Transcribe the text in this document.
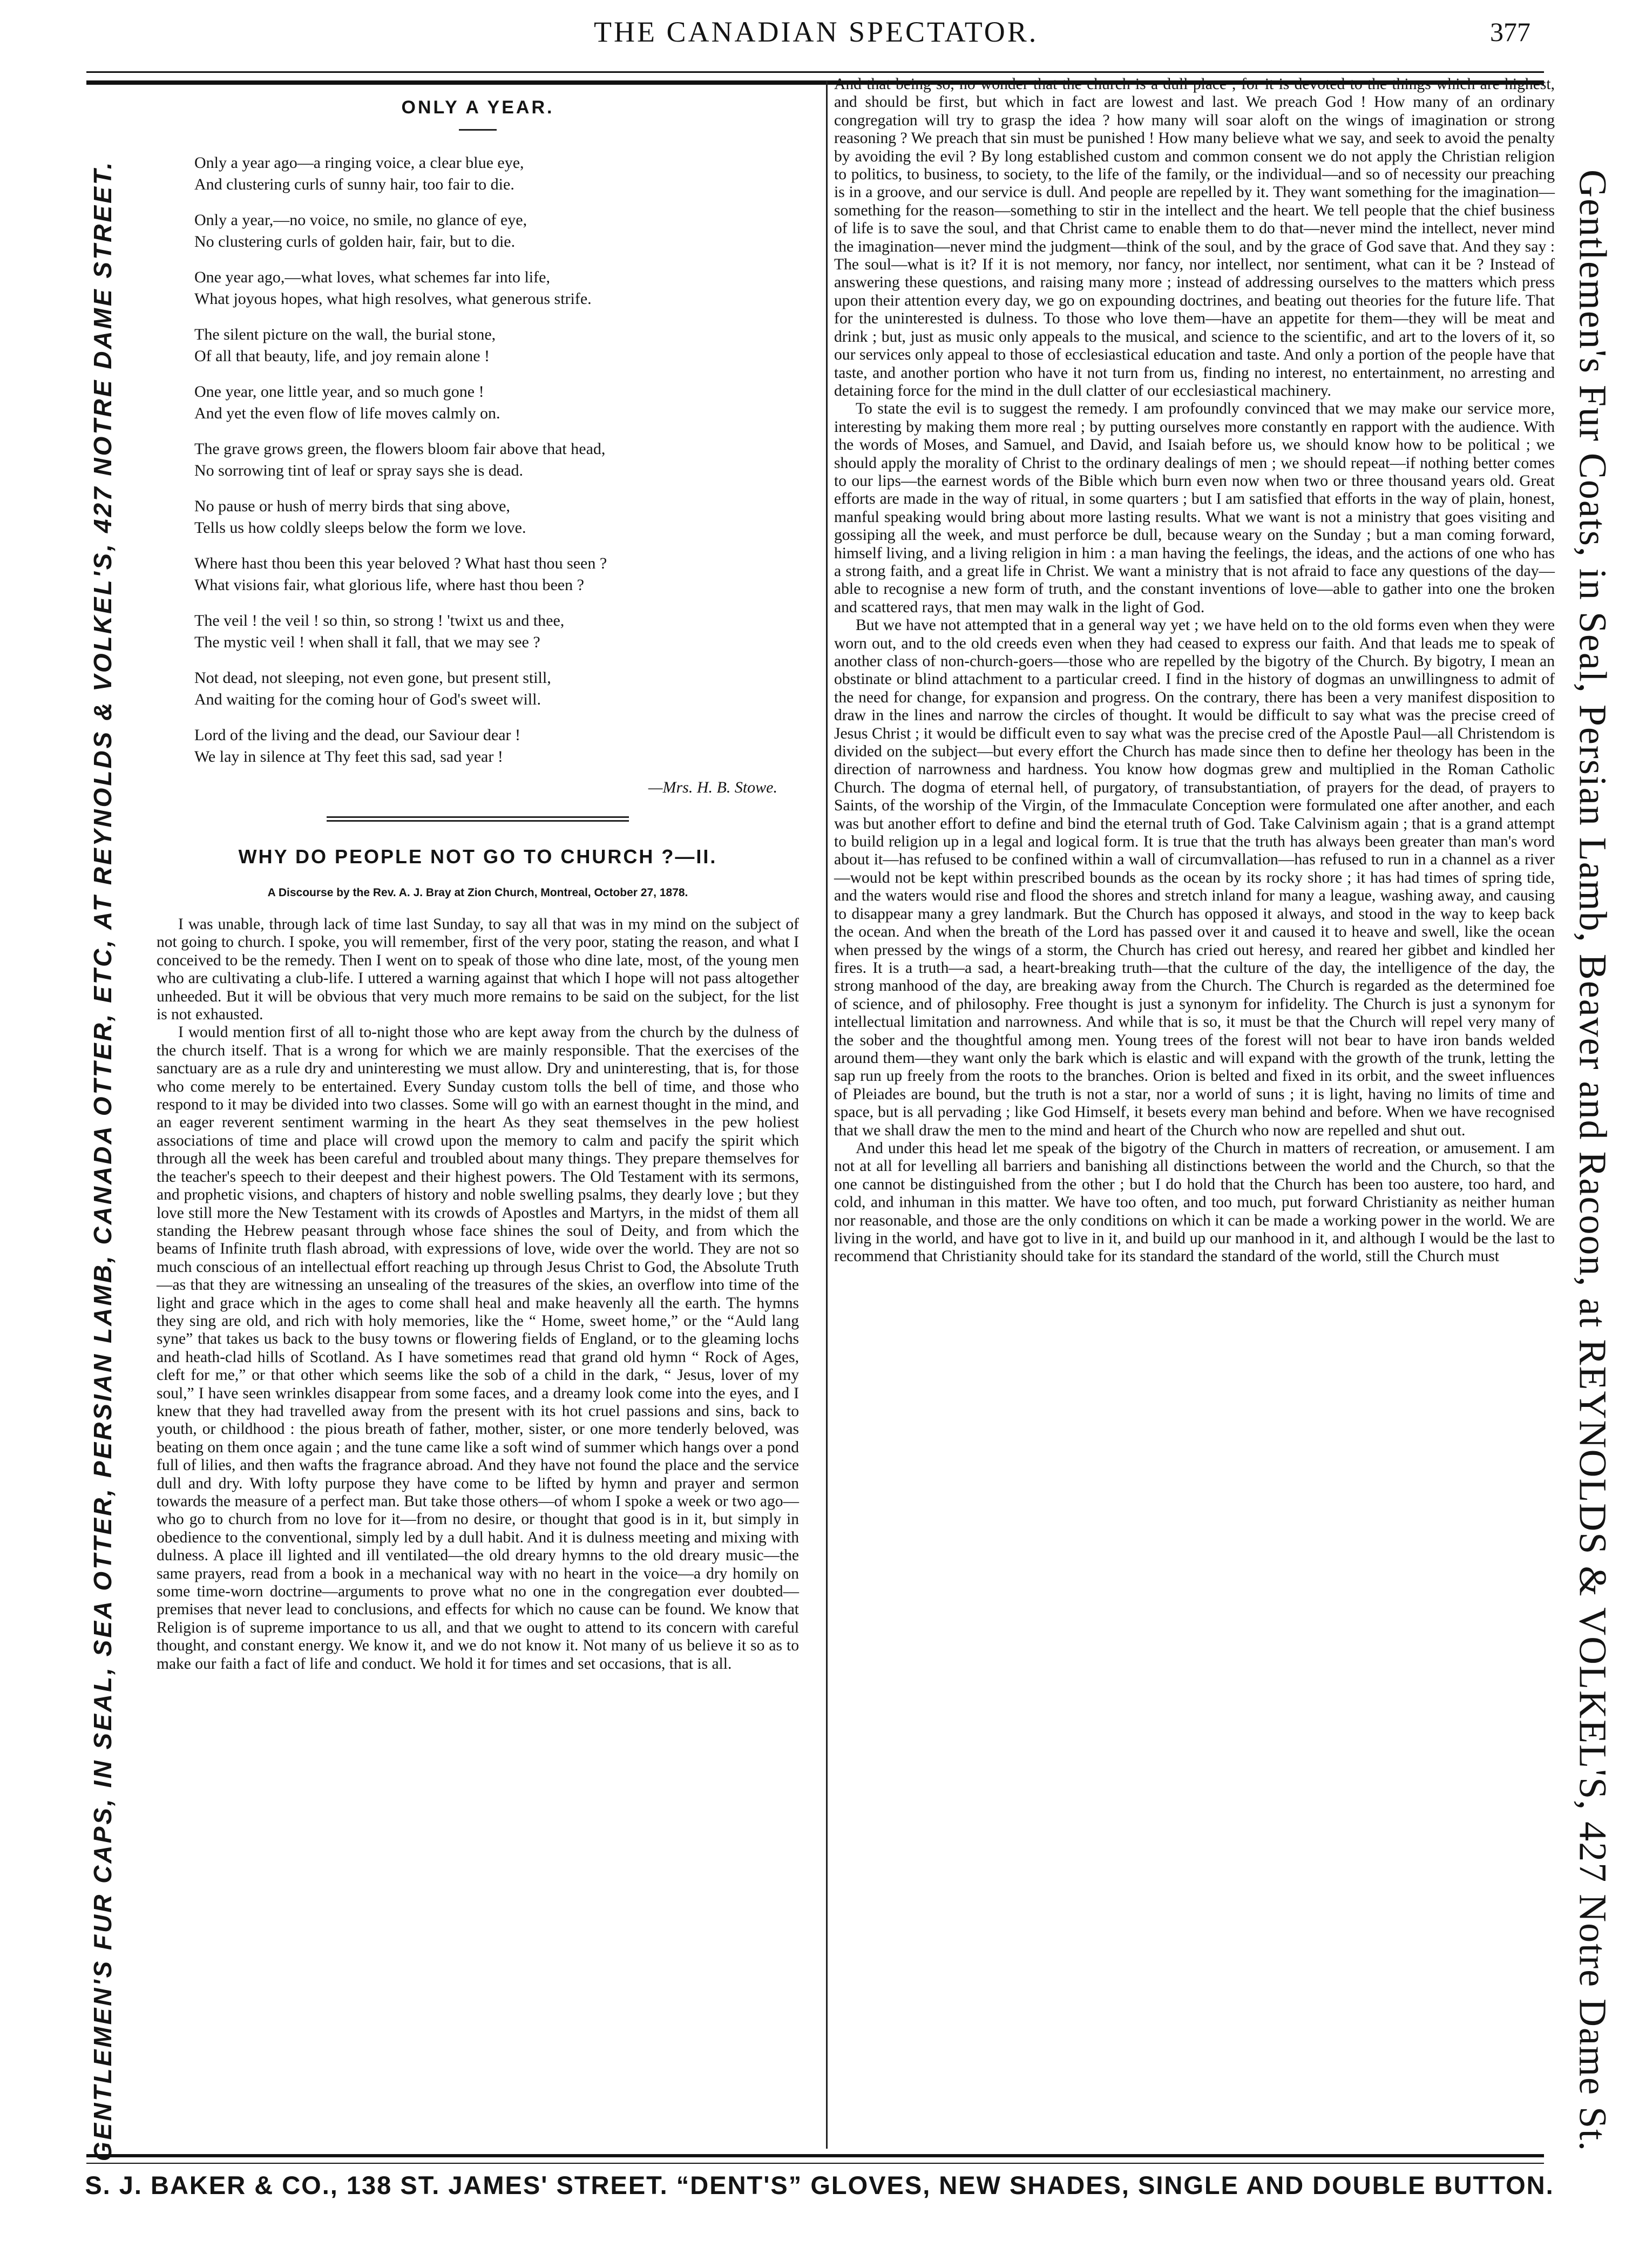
THE CANADIAN SPECTATOR.	377
GENTLEMEN'S FUR CAPS, IN SEAL, SEA OTTER, PERSIAN LAMB, CANADA OTTER, ETC, AT REYNOLDS & VOLKEL'S, 427 NOTRE DAME STREET.	Gentlemen's Fur Coats, in Seal, Persian Lamb, Beaver and Racoon, at REYNOLDS & VOLKEL'S, 427 Notre Dame St.
ONLY A YEAR.
Only a year ago—a ringing voice, a clear blue eye,
And clustering curls of sunny hair, too fair to die.
Only a year,—no voice, no smile, no glance of eye,
No clustering curls of golden hair, fair, but to die.
One year ago,—what loves, what schemes far into life,
What joyous hopes, what high resolves, what generous strife.
The silent picture on the wall, the burial stone,
Of all that beauty, life, and joy remain alone !
One year, one little year, and so much gone !
And yet the even flow of life moves calmly on.
The grave grows green, the flowers bloom fair above that head,
No sorrowing tint of leaf or spray says she is dead.
No pause or hush of merry birds that sing above,
Tells us how coldly sleeps below the form we love.
Where hast thou been this year beloved ? What hast thou seen ?
What visions fair, what glorious life, where hast thou been ?
The veil ! the veil ! so thin, so strong ! 'twixt us and thee,
The mystic veil ! when shall it fall, that we may see ?
Not dead, not sleeping, not even gone, but present still,
And waiting for the coming hour of God's sweet will.
Lord of the living and the dead, our Saviour dear !
We lay in silence at Thy feet this sad, sad year !
—Mrs. H. B. Stowe.
WHY DO PEOPLE NOT GO TO CHURCH ?—II.
A Discourse by the Rev. A. J. Bray at Zion Church, Montreal, October 27, 1878.

I was unable, through lack of time last Sunday, to say all that was in my mind on the subject of not going to church. I spoke, you will remember, first of the very poor, stating the reason, and what I conceived to be the remedy. Then I went on to speak of those who dine late, most, of the young men who are cultivating a club-life. I uttered a warning against that which I hope will not pass altogether unheeded. But it will be obvious that very much more remains to be said on the subject, for the list is not exhausted.

I would mention first of all to-night those who are kept away from the church by the dulness of the church itself. That is a wrong for which we are mainly responsible. That the exercises of the sanctuary are as a rule dry and uninteresting we must allow. Dry and uninteresting, that is, for those who come merely to be entertained. Every Sunday custom tolls the bell of time, and those who respond to it may be divided into two classes. Some will go with an earnest thought in the mind, and an eager reverent sentiment warming in the heart As they seat themselves in the pew holiest associations of time and place will crowd upon the memory to calm and pacify the spirit which through all the week has been careful and troubled about many things. They prepare themselves for the teacher's speech to their deepest and their highest powers. The Old Testament with its sermons, and prophetic visions, and chapters of history and noble swelling psalms, they dearly love ; but they love still more the New Testament with its crowds of Apostles and Martyrs, in the midst of them all standing the Hebrew peasant through whose face shines the soul of Deity, and from which the beams of Infinite truth flash abroad, with expressions of love, wide over the world. They are not so much conscious of an intellectual effort reaching up through Jesus Christ to God, the Absolute Truth—as that they are witnessing an unsealing of the treasures of the skies, an overflow into time of the light and grace which in the ages to come shall heal and make heavenly all the earth. The hymns they sing are old, and rich with holy memories, like the “ Home, sweet home,” or the “Auld lang syne” that takes us back to the busy towns or flowering fields of England, or to the gleaming lochs and heath-clad hills of Scotland. As I have sometimes read that grand old hymn “ Rock of Ages, cleft for me,” or that other which seems like the sob of a child in the dark, “ Jesus, lover of my soul,” I have seen wrinkles disappear from some faces, and a dreamy look come into the eyes, and I knew that they had travelled away from the present with its hot cruel passions and sins, back to youth, or childhood : the pious breath of father, mother, sister, or one more tenderly beloved, was beating on them once again ; and the tune came like a soft wind of summer which hangs over a pond full of lilies, and then wafts the fragrance abroad. And they have not found the place and the service dull and dry. With lofty purpose they have come to be lifted by hymn and prayer and sermon towards the measure of a perfect man. But take those others—of whom I spoke a week or two ago—who go to church from no love for it—from no desire, or thought that good is in it, but simply in obedience to the conventional, simply led by a dull habit. And it is dulness meeting and mixing with dulness. A place ill lighted and ill ventilated—the old dreary hymns to the old dreary music—the same prayers, read from a book in a mechanical way with no heart in the voice—a dry homily on some time-worn doctrine—arguments to prove what no one in the congregation ever doubted—premises that never lead to conclusions, and effects for which no cause can be found. We know that Religion is of supreme importance to us all, and that we ought to attend to its concern with careful thought, and constant energy. We know it, and we do not know it. Not many of us believe it so as to make our faith a fact of life and conduct. We hold it for times and set occasions, that is all.

And that being so, no wonder that the church is a dull place ; for it is devoted to the things which are highest, and should be first, but which in fact are lowest and last. We preach God ! How many of an ordinary congregation will try to grasp the idea ? how many will soar aloft on the wings of imagination or strong reasoning ? We preach that sin must be punished ! How many believe what we say, and seek to avoid the penalty by avoiding the evil ? By long established custom and common consent we do not apply the Christian religion to politics, to business, to society, to the life of the family, or the individual—and so of necessity our preaching is in a groove, and our service is dull. And people are repelled by it. They want something for the imagination—something for the reason—something to stir in the intellect and the heart. We tell people that the chief business of life is to save the soul, and that Christ came to enable them to do that—never mind the intellect, never mind the imagination—never mind the judgment—think of the soul, and by the grace of God save that. And they say : The soul—what is it? If it is not memory, nor fancy, nor intellect, nor sentiment, what can it be ? Instead of answering these questions, and raising many more ; instead of addressing ourselves to the matters which press upon their attention every day, we go on expounding doctrines, and beating out theories for the future life. That for the uninterested is dulness. To those who love them—have an appetite for them—they will be meat and drink ; but, just as music only appeals to the musical, and science to the scientific, and art to the lovers of it, so our services only appeal to those of ecclesiastical education and taste. And only a portion of the people have that taste, and another portion who have it not turn from us, finding no interest, no entertainment, no arresting and detaining force for the mind in the dull clatter of our ecclesiastical machinery.

To state the evil is to suggest the remedy. I am profoundly convinced that we may make our service more, interesting by making them more real ; by putting ourselves more constantly en rapport with the audience. With the words of Moses, and Samuel, and David, and Isaiah before us, we should know how to be political ; we should apply the morality of Christ to the ordinary dealings of men ; we should repeat—if nothing better comes to our lips—the earnest words of the Bible which burn even now when two or three thousand years old. Great efforts are made in the way of ritual, in some quarters ; but I am satisfied that efforts in the way of plain, honest, manful speaking would bring about more lasting results. What we want is not a ministry that goes visiting and gossiping all the week, and must perforce be dull, because weary on the Sunday ; but a man coming forward, himself living, and a living religion in him : a man having the feelings, the ideas, and the actions of one who has a strong faith, and a great life in Christ. We want a ministry that is not afraid to face any questions of the day—able to recognise a new form of truth, and the constant inventions of love—able to gather into one the broken and scattered rays, that men may walk in the light of God.

But we have not attempted that in a general way yet ; we have held on to the old forms even when they were worn out, and to the old creeds even when they had ceased to express our faith. And that leads me to speak of another class of non-church-goers—those who are repelled by the bigotry of the Church. By bigotry, I mean an obstinate or blind attachment to a particular creed. I find in the history of dogmas an unwillingness to admit of the need for change, for expansion and progress. On the contrary, there has been a very manifest disposition to draw in the lines and narrow the circles of thought. It would be difficult to say what was the precise creed of Jesus Christ ; it would be difficult even to say what was the precise cred of the Apostle Paul—all Christendom is divided on the subject—but every effort the Church has made since then to define her theology has been in the direction of narrowness and hardness. You know how dogmas grew and multiplied in the Roman Catholic Church. The dogma of eternal hell, of purgatory, of transubstantiation, of prayers for the dead, of prayers to Saints, of the worship of the Virgin, of the Immaculate Conception were formulated one after another, and each was but another effort to define and bind the eternal truth of God. Take Calvinism again ; that is a grand attempt to build religion up in a legal and logical form. It is true that the truth has always been greater than man's word about it—has refused to be confined within a wall of circumvallation—has refused to run in a channel as a river—would not be kept within prescribed bounds as the ocean by its rocky shore ; it has had times of spring tide, and the waters would rise and flood the shores and stretch inland for many a league, washing away, and causing to disappear many a grey landmark. But the Church has opposed it always, and stood in the way to keep back the ocean. And when the breath of the Lord has passed over it and caused it to heave and swell, like the ocean when pressed by the wings of a storm, the Church has cried out heresy, and reared her gibbet and kindled her fires. It is a truth—a sad, a heart-breaking truth—that the culture of the day, the intelligence of the day, the strong manhood of the day, are breaking away from the Church. The Church is regarded as the determined foe of science, and of philosophy. Free thought is just a synonym for infidelity. The Church is just a synonym for intellectual limitation and narrowness. And while that is so, it must be that the Church will repel very many of the sober and the thoughtful among men. Young trees of the forest will not bear to have iron bands welded around them—they want only the bark which is elastic and will expand with the growth of the trunk, letting the sap run up freely from the roots to the branches. Orion is belted and fixed in its orbit, and the sweet influences of Pleiades are bound, but the truth is not a star, nor a world of suns ; it is light, having no limits of time and space, but is all pervading ; like God Himself, it besets every man behind and before. When we have recognised that we shall draw the men to the mind and heart of the Church who now are repelled and shut out.

And under this head let me speak of the bigotry of the Church in matters of recreation, or amusement. I am not at all for levelling all barriers and banishing all distinctions between the world and the Church, so that the one cannot be distinguished from the other ; but I do hold that the Church has been too austere, too hard, and cold, and inhuman in this matter. We have too often, and too much, put forward Christianity as neither human nor reasonable, and those are the only conditions on which it can be made a working power in the world. We are living in the world, and have got to live in it, and build up our manhood in it, and although I would be the last to recommend that Christianity should take for its standard the standard of the world, still the Church must

S. J. BAKER & CO., 138 ST. JAMES' STREET. “DENT'S” GLOVES, NEW SHADES, SINGLE AND DOUBLE BUTTON.
